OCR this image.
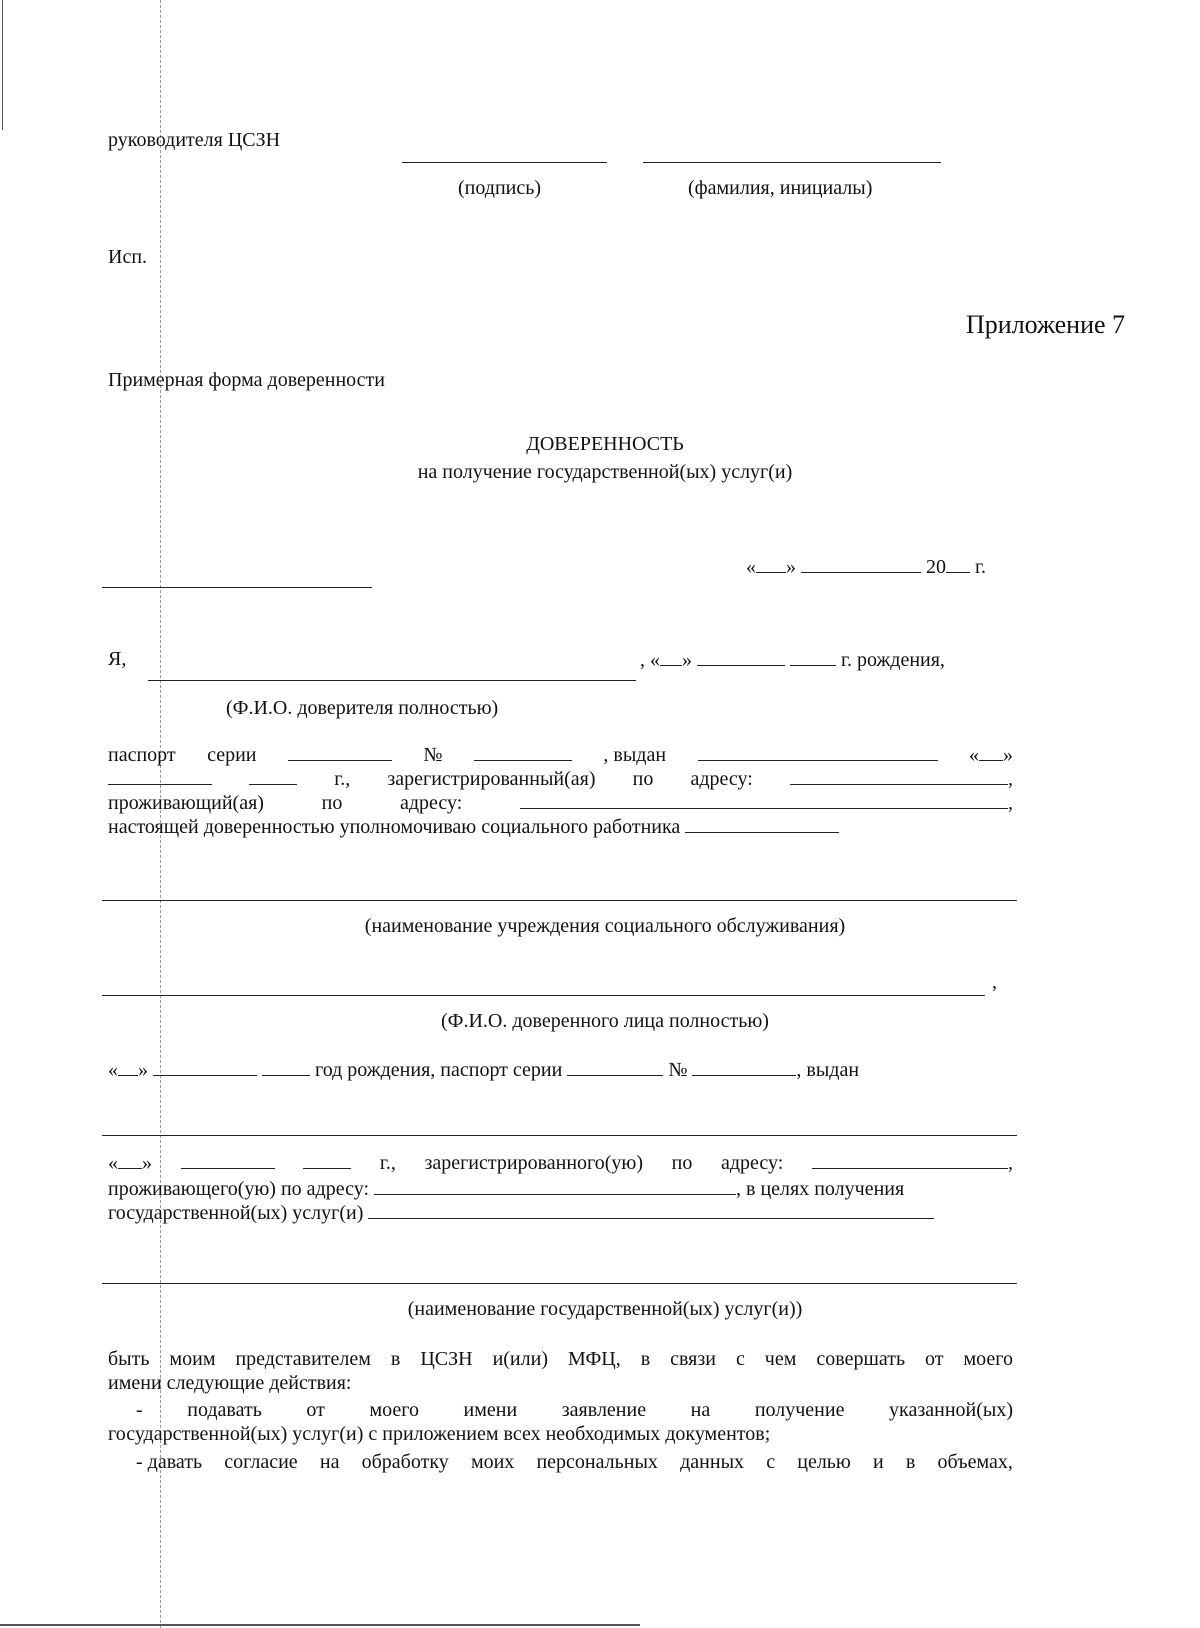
руководителя ЦСЗН
(подпись)	(фамилия, инициалы)
Исп.
Приложение 7
Примерная форма доверенности
ДОВЕРЕННОСТЬ
на получение государственной(ых) услуг(и)
« »	20 г.
Я,	, « »	г. рождения,
(Ф.И.О. доверителя полностью)
паспорт серии	№	, выдан	« »
г., зарегистрированный(ая) по адресу:	,
проживающий(ая)	по	адресу:	,
настоящей доверенностью уполномочиваю социального работника
(наименование учреждения социального обслуживания)
,
(Ф.И.О. доверенного лица полностью)
« »	год рождения, паспорт серии	№	, выдан
« »	г., зарегистрированного(ую) по адресу:	,
проживающего(ую) по адресу:	, в целях получения
государственной(ых) услуг(и)
(наименование государственной(ых) услуг(и))
быть моим представителем в ЦСЗН и(или) МФЦ, в связи с чем совершать от моего
имени следующие действия:
- подавать от моего имени заявление на получение указанной(ых)
государственной(ых) услуг(и) с приложением всех необходимых документов;
- давать согласие на обработку моих персональных данных с целью и в объемах,
